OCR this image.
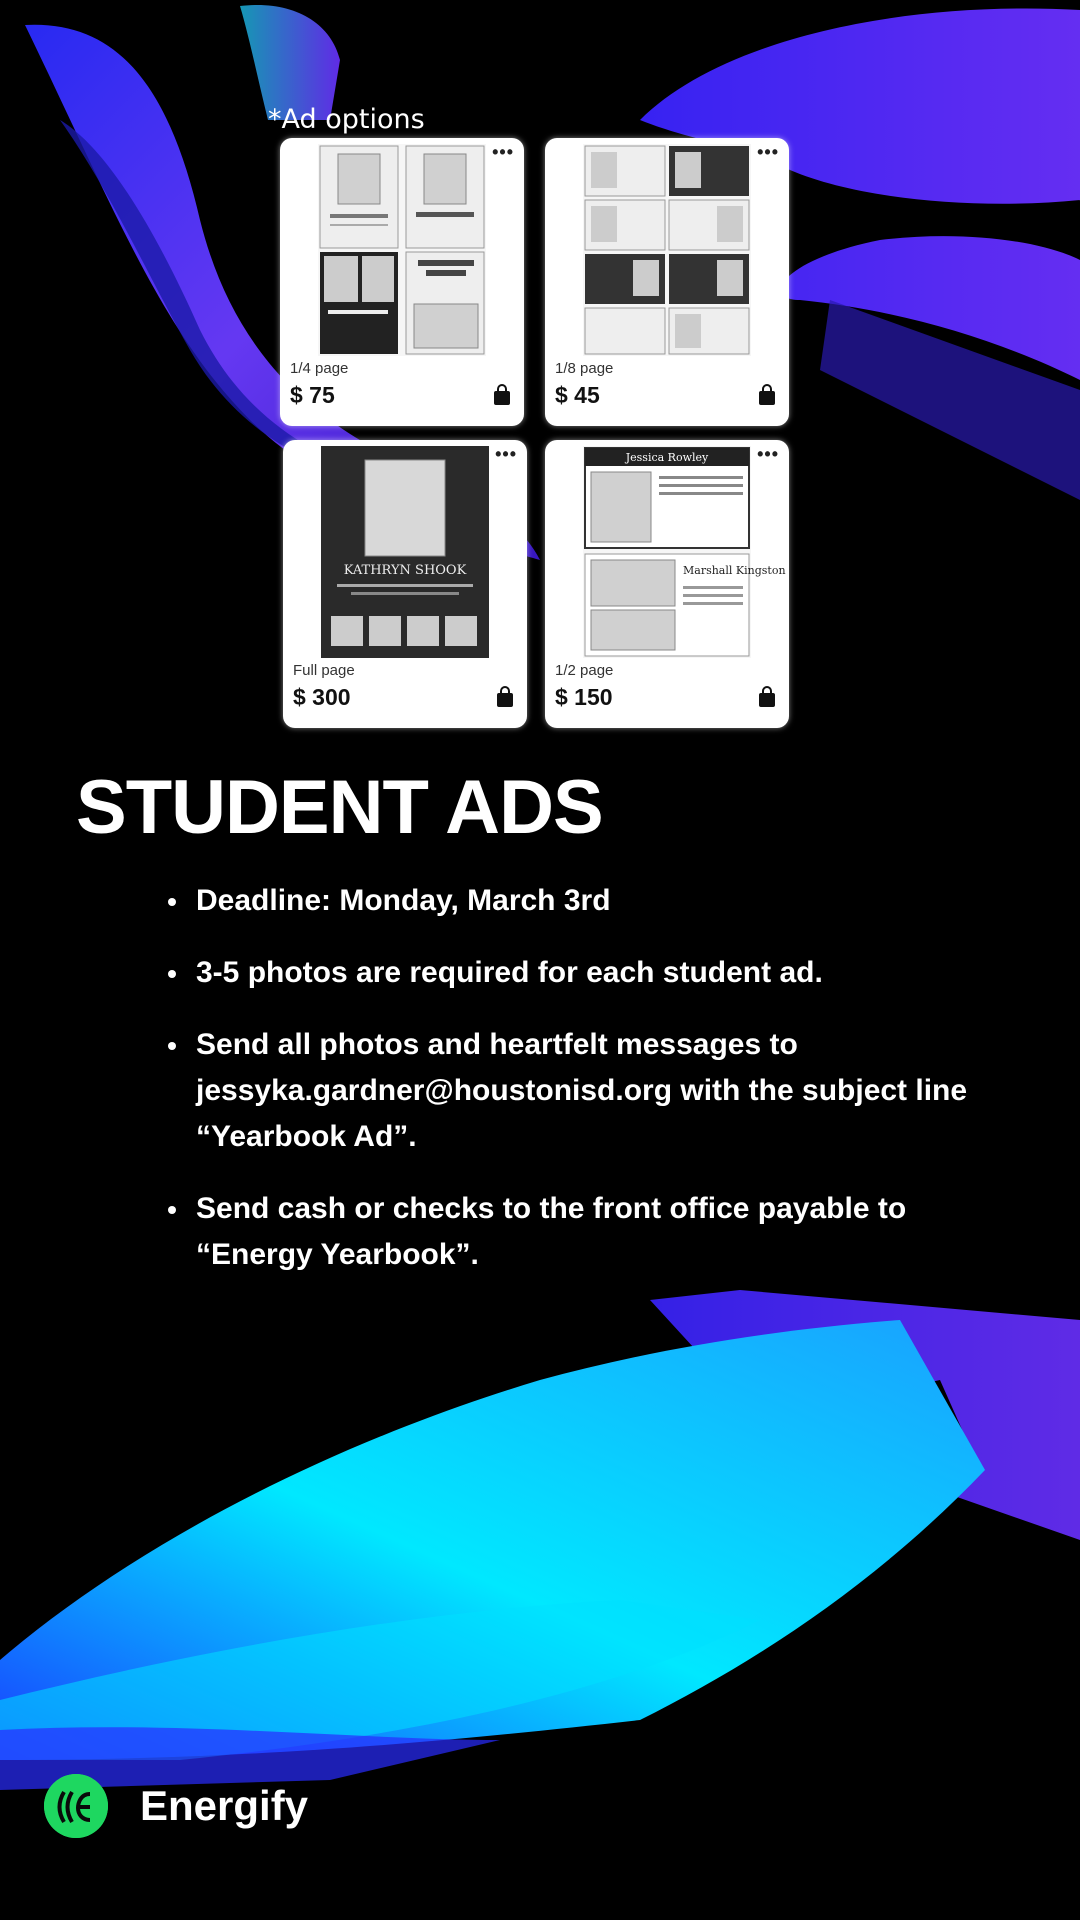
*Ad options
•••
1/4 page
$ 75
•••
1/8 page
$ 45
KATHRYN SHOOK
•••
Full page
$ 300
Jessica Rowley
Marshall Kingston
•••
1/2 page
$ 150
STUDENT ADS
Deadline: Monday, March 3rd
3-5 photos are required for each student ad.
Send all photos and heartfelt messages to jessyka.gardner@houstonisd.org with the subject line “Yearbook Ad”.
Send cash or checks to the front office payable to “Energy Yearbook”.
Energify
